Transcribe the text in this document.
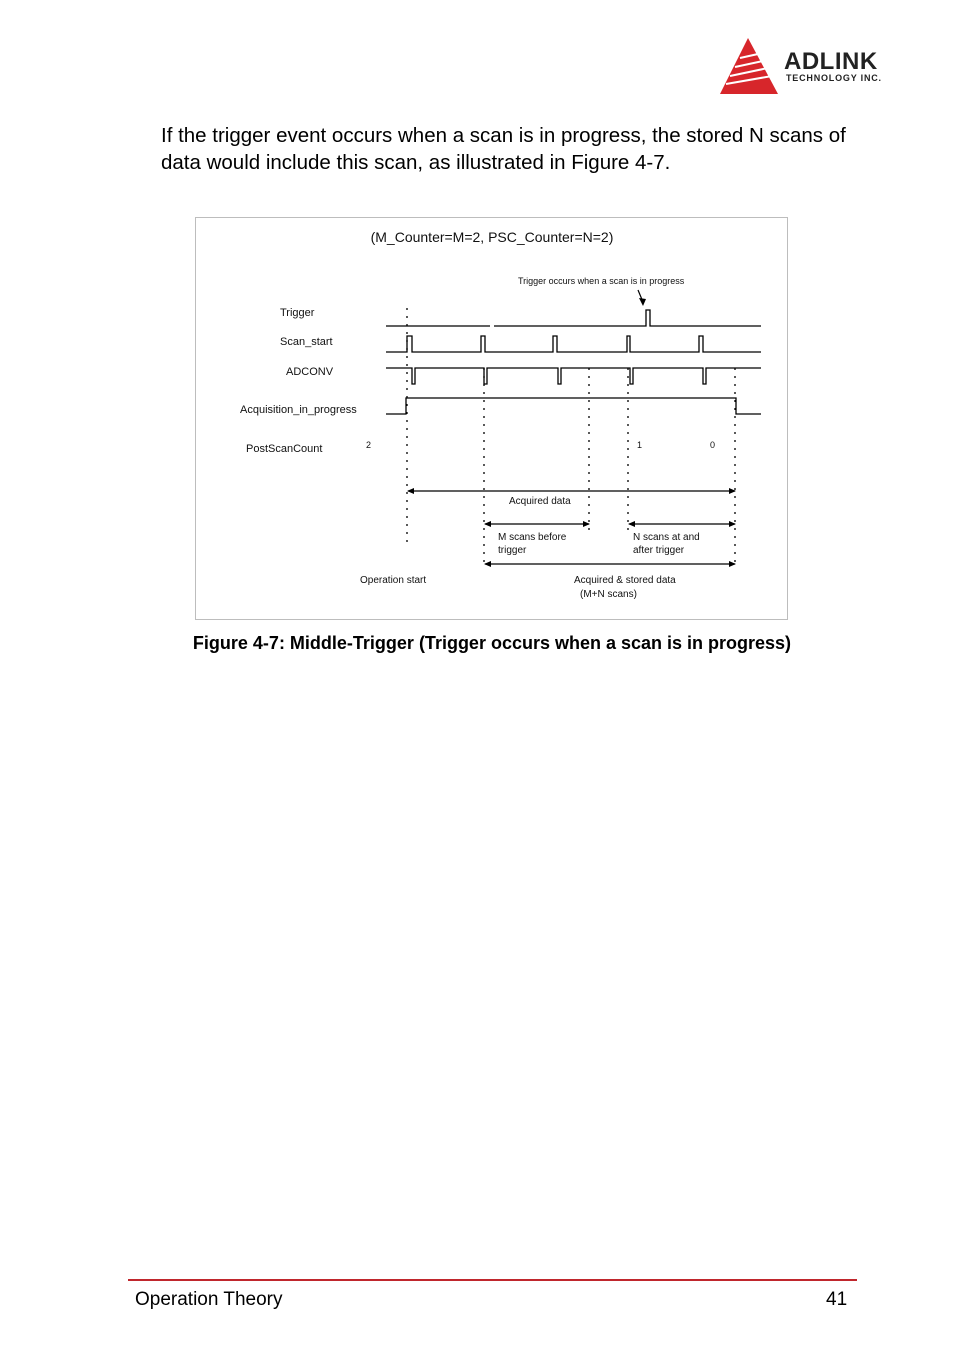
ADLINK
TECHNOLOGY INC.
If the trigger event occurs when a scan is in progress, the stored N scans of data would include this scan, as illustrated in Figure 4-7.
(M_Counter=M=2, PSC_Counter=N=2)
Trigger occurs when a scan is in progress
Trigger
Scan_start
ADCONV
Acquisition_in_progress
PostScanCount	2	1	0
Acquired data
M scans before
trigger
N scans at and
after trigger
Operation start	Acquired & stored data
(M+N scans)
Figure 4-7: Middle-Trigger (Trigger occurs when a scan is in progress)
Operation Theory	41
